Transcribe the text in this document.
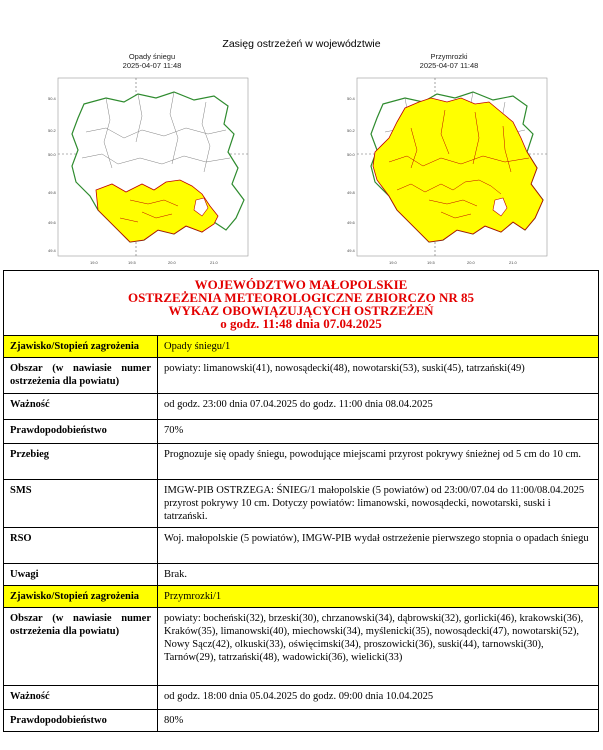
Zasięg ostrzeżeń w województwie
Opady śniegu
2025-04-07 11:48
Przymrozki
2025-04-07 11:48
50.4
50.2
50.0
49.8
49.6
49.4
19.0	19.5	20.0	21.0
50.4
50.2
50.0
49.8
49.6
49.4
19.0	19.5	20.0	21.0
WOJEWÓDZTWO MAŁOPOLSKIE
OSTRZEŻENIA METEOROLOGICZNE ZBIORCZO NR 85
WYKAZ OBOWIĄZUJĄCYCH OSTRZEŻEŃ
o godz. 11:48 dnia 07.04.2025	

Zjawisko/Stopień zagrożenia	Opady śniegu/1
Obszar (w nawiasie numer ostrzeżenia dla powiatu)	powiaty: limanowski(41), nowosądecki(48), nowotarski(53), suski(45), tatrzański(49)
Ważność	od godz. 23:00 dnia 07.04.2025 do godz. 11:00 dnia 08.04.2025
Prawdopodobieństwo	70%
Przebieg	Prognozuje się opady śniegu, powodujące miejscami przyrost pokrywy śnieżnej od 5 cm do 10 cm.
SMS	IMGW-PIB OSTRZEGA: ŚNIEG/1 małopolskie (5 powiatów) od 23:00/07.04 do 11:00/08.04.2025 przyrost pokrywy 10 cm. Dotyczy powiatów: limanowski, nowosądecki, nowotarski, suski i tatrzański.
RSO	Woj. małopolskie (5 powiatów), IMGW-PIB wydał ostrzeżenie pierwszego stopnia o opadach śniegu
Uwagi	Brak.
Zjawisko/Stopień zagrożenia	Przymrozki/1
Obszar (w nawiasie numer ostrzeżenia dla powiatu)	powiaty: bocheński(32), brzeski(30), chrzanowski(34), dąbrowski(32), gorlicki(46), krakowski(36), Kraków(35), limanowski(40), miechowski(34), myślenicki(35), nowosądecki(47), nowotarski(52), Nowy Sącz(42), olkuski(33), oświęcimski(34), proszowicki(36), suski(44), tarnowski(30), Tarnów(29), tatrzański(48), wadowicki(36), wielicki(33)
Ważność	od godz. 18:00 dnia 05.04.2025 do godz. 09:00 dnia 10.04.2025
Prawdopodobieństwo	80%
